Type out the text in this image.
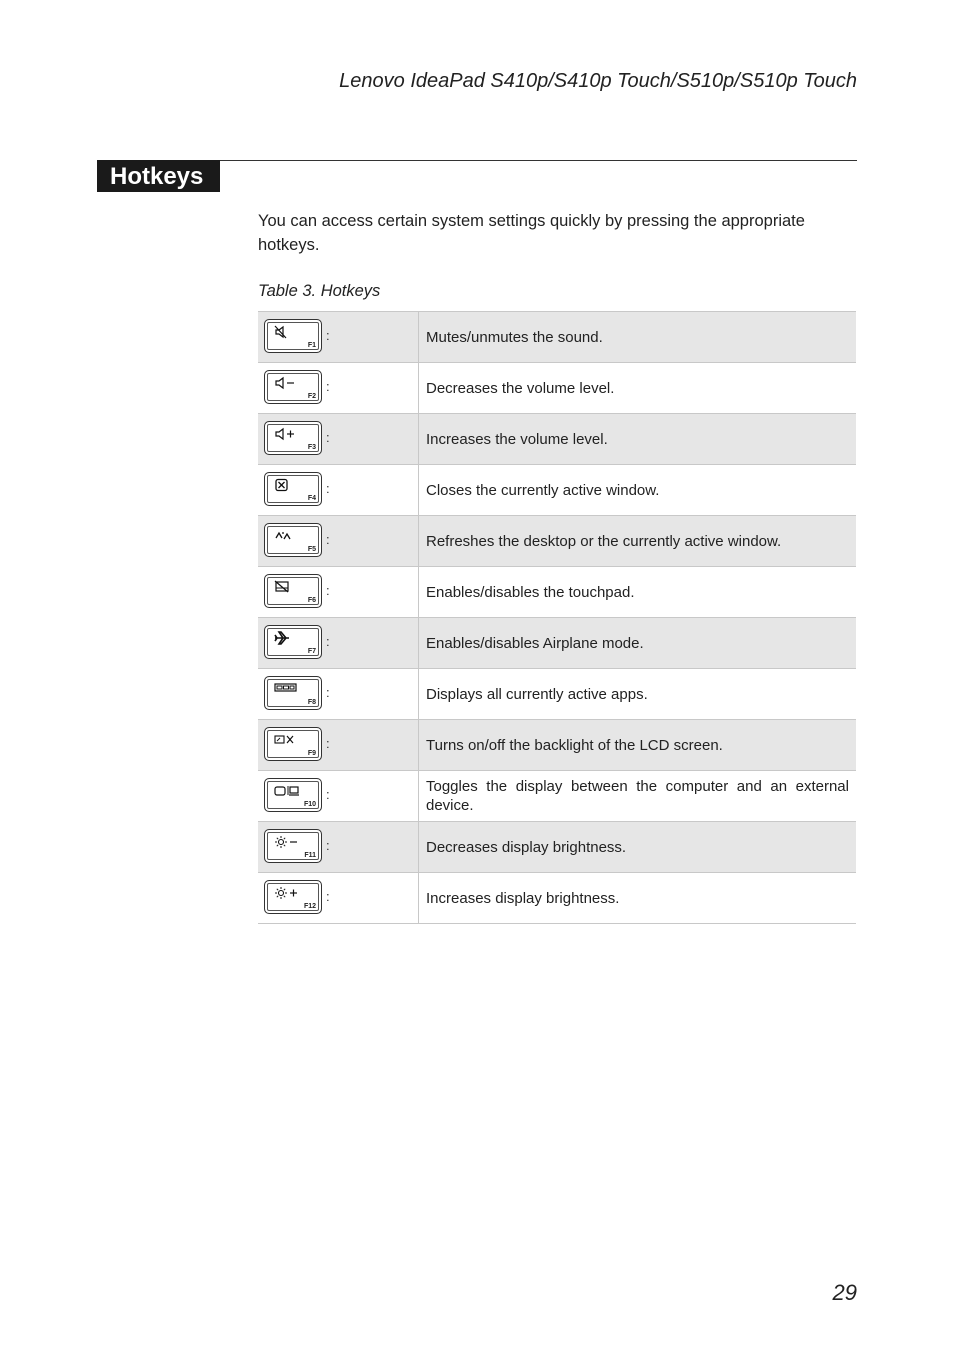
Lenovo IdeaPad S410p/S410p Touch/S510p/S510p Touch
Hotkeys
You can access certain system settings quickly by pressing the appropriate hotkeys.
Table 3. Hotkeys
F1
:	Mutes/unmutes the sound.

F2
:	Decreases the volume level.

F3
:	Increases the volume level.

F4
:	Closes the currently active window.

F5
:	Refreshes the desktop or the currently active window.

F6
:	Enables/disables the touchpad.

F7
:	Enables/disables Airplane mode.

F8
:	Displays all currently active apps.

F9
:	Turns on/off the backlight of the LCD screen.

F10
:	Toggles the display between the computer and an external device.

F11
:	Decreases display brightness.

F12
:	Increases display brightness.
29
